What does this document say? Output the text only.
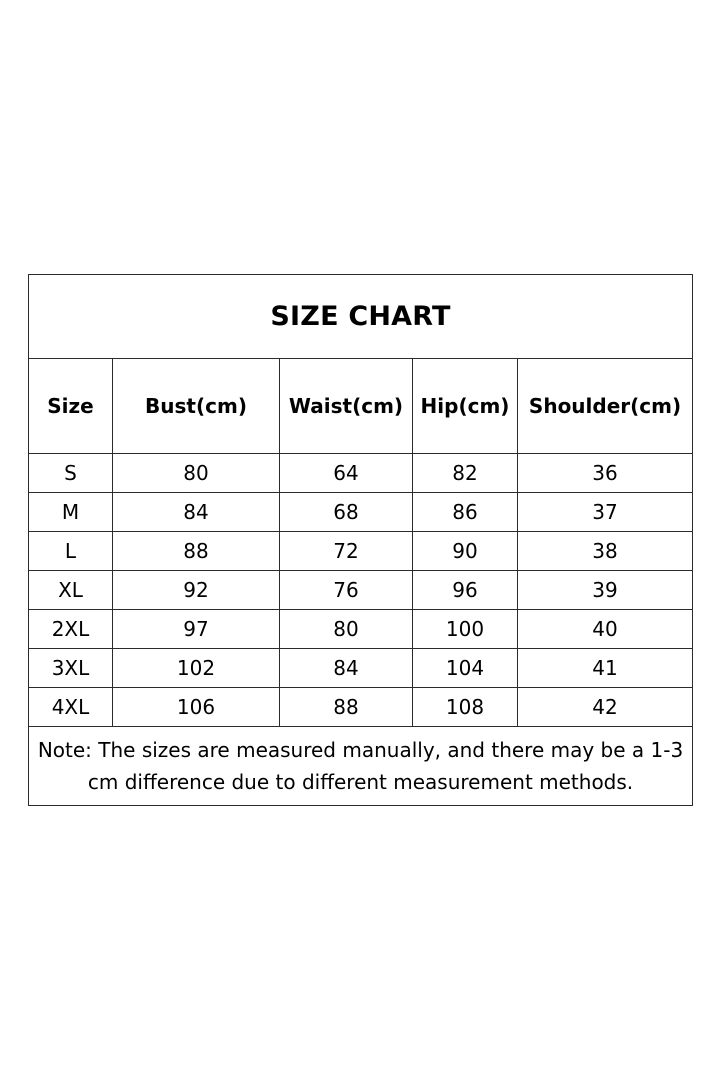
SIZE CHART				
Size	Bust(cm)	Waist(cm)	Hip(cm)	Shoulder(cm)
S	80	64	82	36
M	84	68	86	37
L	88	72	90	38
XL	92	76	96	39
2XL	97	80	100	40
3XL	102	84	104	41
4XL	106	88	108	42
Note: The sizes are measured manually, and there may be a 1-3 cm difference due to different measurement methods.				
